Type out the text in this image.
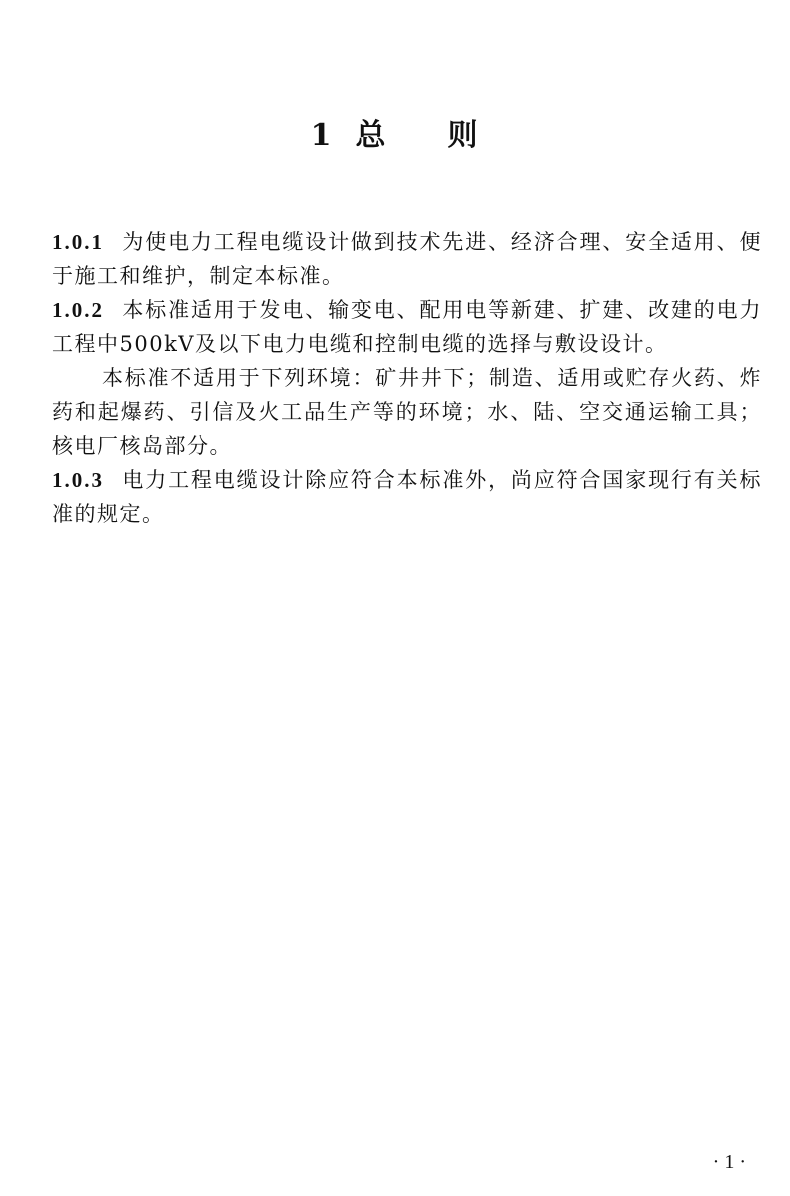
1 总 则

1.0.1 为使电力工程电缆设计做到技术先进、经济合理、安全适用、便于施工和维护，制定本标准。

1.0.2 本标准适用于发电、输变电、配用电等新建、扩建、改建的电力工程中500kV及以下电力电缆和控制电缆的选择与敷设设计。

本标准不适用于下列环境：矿井井下；制造、适用或贮存火药、炸药和起爆药、引信及火工品生产等的环境；水、陆、空交通运输工具；核电厂核岛部分。

1.0.3 电力工程电缆设计除应符合本标准外，尚应符合国家现行有关标准的规定。

· 1 ·
